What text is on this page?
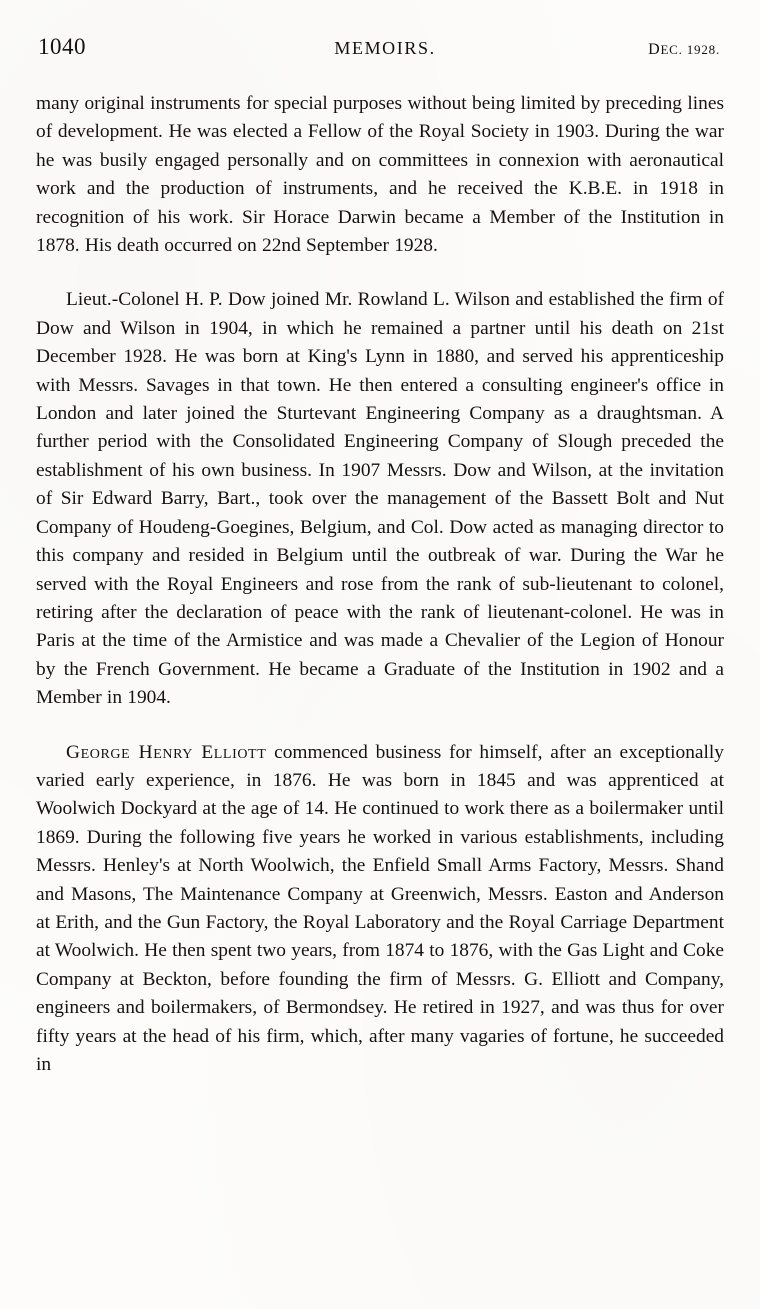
1040	MEMOIRS.	DEC. 1928.

many original instruments for special purposes without being limited by preceding lines of development. He was elected a Fellow of the Royal Society in 1903. During the war he was busily engaged personally and on committees in connexion with aeronautical work and the production of instruments, and he received the K.B.E. in 1918 in recognition of his work. Sir Horace Darwin became a Member of the Institution in 1878. His death occurred on 22nd September 1928.

Lieut.-Colonel H. P. Dow joined Mr. Rowland L. Wilson and established the firm of Dow and Wilson in 1904, in which he remained a partner until his death on 21st December 1928. He was born at King's Lynn in 1880, and served his apprenticeship with Messrs. Savages in that town. He then entered a consulting engineer's office in London and later joined the Sturtevant Engineering Company as a draughtsman. A further period with the Consolidated Engineering Company of Slough preceded the establishment of his own business. In 1907 Messrs. Dow and Wilson, at the invitation of Sir Edward Barry, Bart., took over the management of the Bassett Bolt and Nut Company of Houdeng-Goegines, Belgium, and Col. Dow acted as managing director to this company and resided in Belgium until the outbreak of war. During the War he served with the Royal Engineers and rose from the rank of sub-lieutenant to colonel, retiring after the declaration of peace with the rank of lieutenant-colonel. He was in Paris at the time of the Armistice and was made a Chevalier of the Legion of Honour by the French Government. He became a Graduate of the Institution in 1902 and a Member in 1904.

George Henry Elliott commenced business for himself, after an exceptionally varied early experience, in 1876. He was born in 1845 and was apprenticed at Woolwich Dockyard at the age of 14. He continued to work there as a boilermaker until 1869. During the following five years he worked in various establishments, including Messrs. Henley's at North Woolwich, the Enfield Small Arms Factory, Messrs. Shand and Masons, The Maintenance Company at Greenwich, Messrs. Easton and Anderson at Erith, and the Gun Factory, the Royal Laboratory and the Royal Carriage Department at Woolwich. He then spent two years, from 1874 to 1876, with the Gas Light and Coke Company at Beckton, before founding the firm of Messrs. G. Elliott and Company, engineers and boilermakers, of Bermondsey. He retired in 1927, and was thus for over fifty years at the head of his firm, which, after many vagaries of fortune, he succeeded in
